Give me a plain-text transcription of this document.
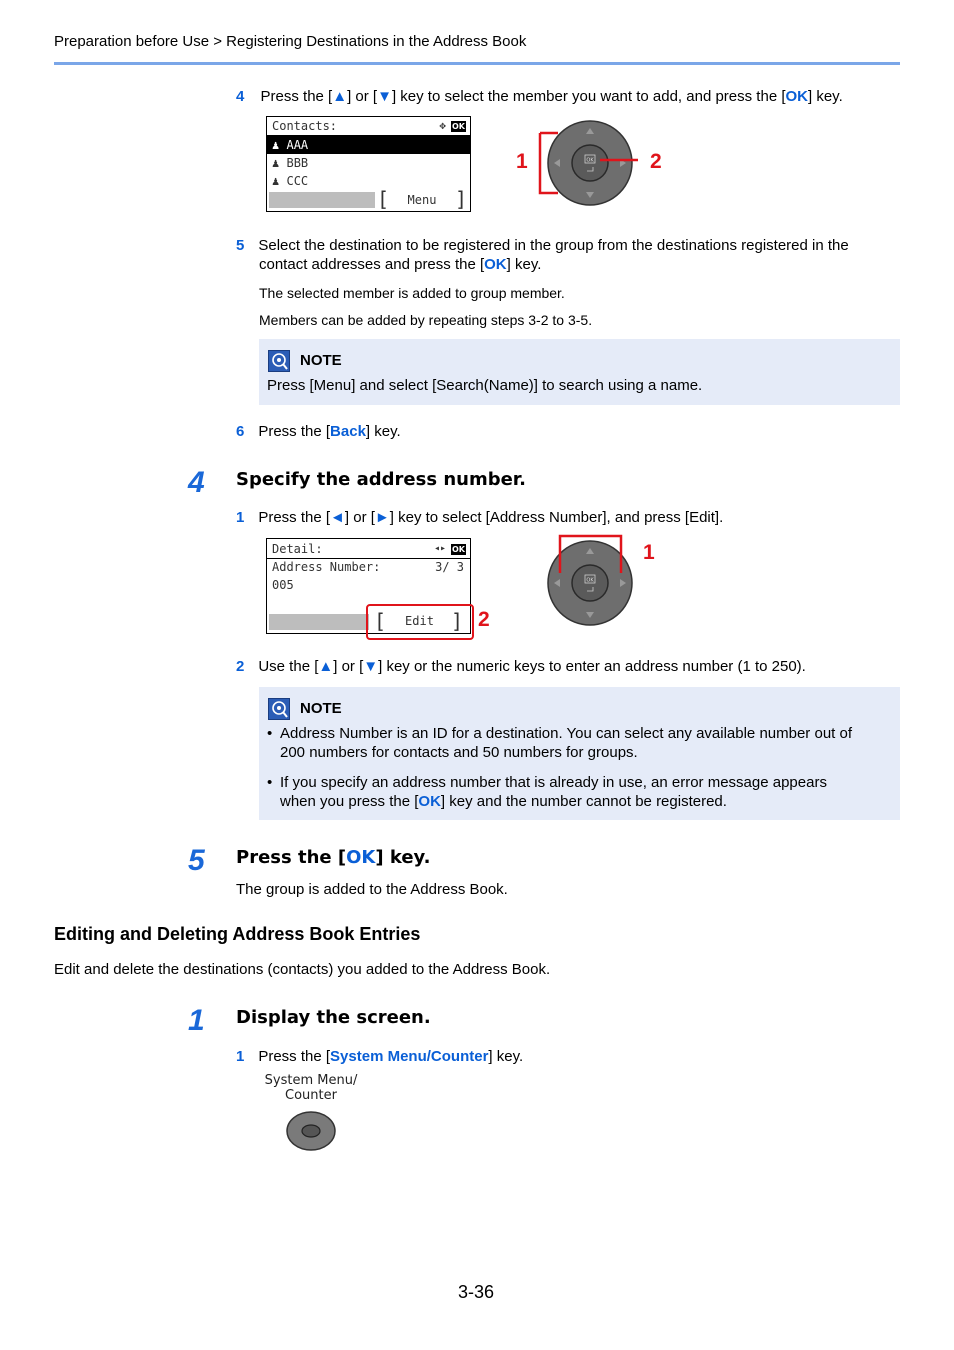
Preparation before Use > Registering Destinations in the Address Book
4 Press the [▲] or [▼] key to select the member you want to add, and press the [OK] key.
Contacts:	✥ OK
♟ AAA
♟ BBB
♟ CCC
[ Menu ]
1	2
OK
5 Select the destination to be registered in the group from the destinations registered in the
contact addresses and press the [OK] key.
The selected member is added to group member.
Members can be added by repeating steps 3-2 to 3-5.
NOTE
Press [Menu] and select [Search(Name)] to search using a name.
6 Press the [Back] key.
4 Specify the address number.
1 Press the [◄] or [►] key to select [Address Number], and press [Edit].
Detail:	◂▸ OK
Address Number:	3/ 3
005
[ Edit ] 2
OK
1
2 Use the [▲] or [▼] key or the numeric keys to enter an address number (1 to 250).
NOTE
• Address Number is an ID for a destination. You can select any available number out of
200 numbers for contacts and 50 numbers for groups.
• If you specify an address number that is already in use, an error message appears
when you press the [OK] key and the number cannot be registered.
5 Press the [OK] key.
The group is added to the Address Book.
Editing and Deleting Address Book Entries
Edit and delete the destinations (contacts) you added to the Address Book.
1 Display the screen.
1 Press the [System Menu/Counter] key.
System Menu/
Counter
3-36
